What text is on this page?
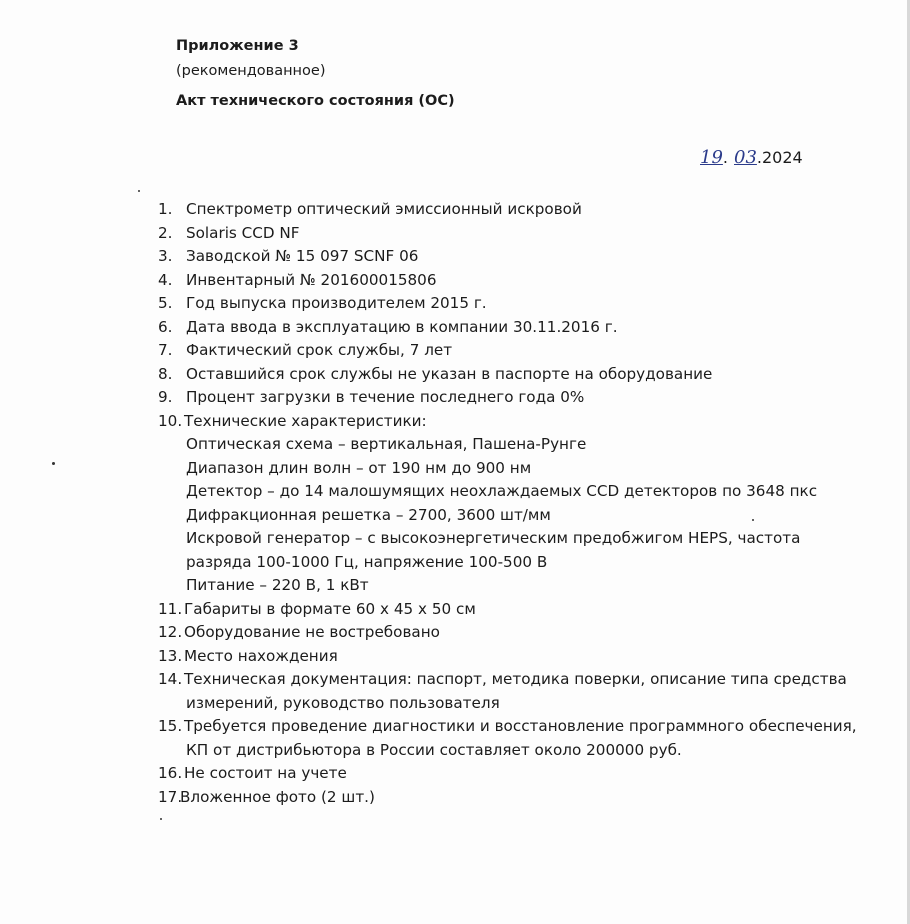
Приложение 3
(рекомендованное)
Акт технического состояния (ОС)
19. 03.2024
1. Спектрометр оптический эмиссионный искровой
2. Solaris CCD NF
3. Заводской № 15 097 SCNF 06
4. Инвентарный № 201600015806
5. Год выпуска производителем 2015 г.
6. Дата ввода в эксплуатацию в компании 30.11.2016 г.
7. Фактический срок службы, 7 лет
8. Оставшийся срок службы не указан в паспорте на оборудование
9. Процент загрузки в течение последнего года 0%
10. Технические характеристики:
Оптическая схема – вертикальная, Пашена-Рунге
Диапазон длин волн – от 190 нм до 900 нм
Детектор – до 14 малошумящих неохлаждаемых CCD детекторов по 3648 пкс
Дифракционная решетка – 2700, 3600 шт/мм
Искровой генератор – с высокоэнергетическим предобжигом HEPS, частота
разряда 100-1000 Гц, напряжение 100-500 В
Питание – 220 В, 1 кВт
11. Габариты в формате 60 х 45 х 50 см
12. Оборудование не востребовано
13. Место нахождения
14. Техническая документация: паспорт, методика поверки, описание типа средства
измерений, руководство пользователя
15. Требуется проведение диагностики и восстановление программного обеспечения,
КП от дистрибьютора в России составляет около 200000 руб.
16. Не состоит на учете
17.Вложенное фото (2 шт.)
